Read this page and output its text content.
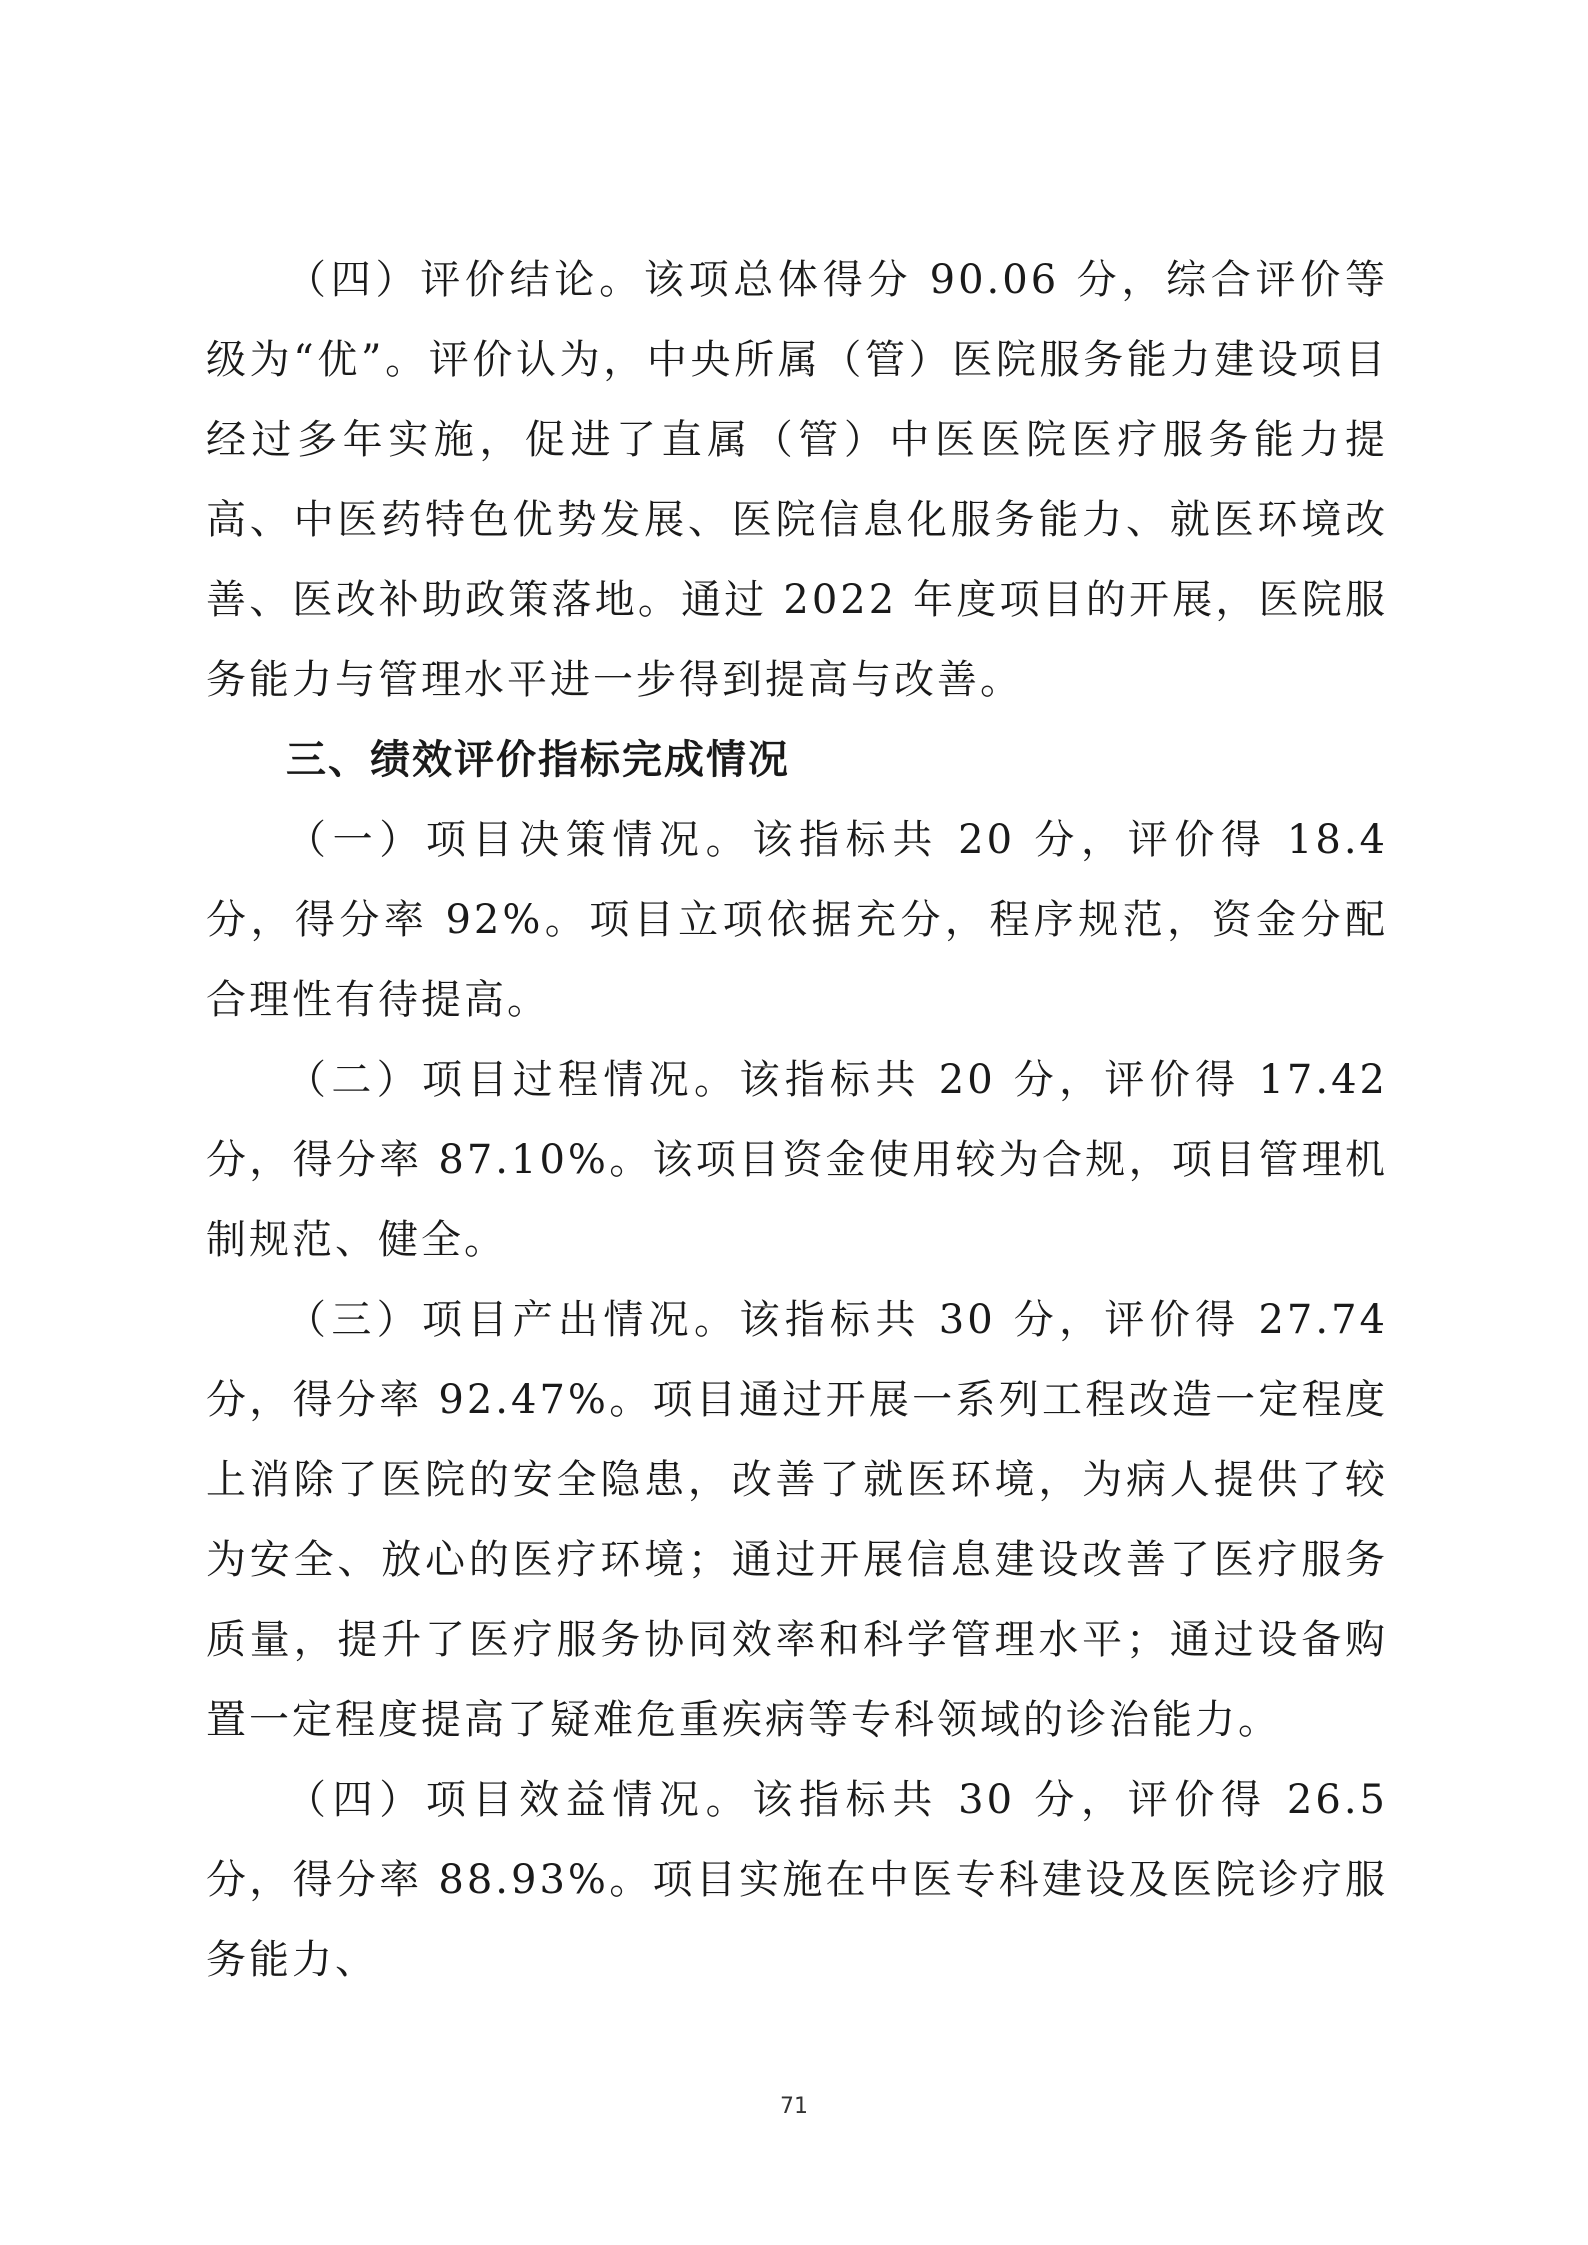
（四）评价结论。该项总体得分 90.06 分，综合评价等级为“优”。评价认为，中央所属（管）医院服务能力建设项目经过多年实施，促进了直属（管）中医医院医疗服务能力提高、中医药特色优势发展、医院信息化服务能力、就医环境改善、医改补助政策落地。通过 2022 年度项目的开展，医院服务能力与管理水平进一步得到提高与改善。

三、绩效评价指标完成情况

（一）项目决策情况。该指标共 20 分，评价得 18.4 分，得分率 92%。项目立项依据充分，程序规范，资金分配合理性有待提高。

（二）项目过程情况。该指标共 20 分，评价得 17.42 分，得分率 87.10%。该项目资金使用较为合规，项目管理机制规范、健全。

（三）项目产出情况。该指标共 30 分，评价得 27.74 分，得分率 92.47%。项目通过开展一系列工程改造一定程度上消除了医院的安全隐患，改善了就医环境，为病人提供了较为安全、放心的医疗环境；通过开展信息建设改善了医疗服务质量，提升了医疗服务协同效率和科学管理水平；通过设备购置一定程度提高了疑难危重疾病等专科领域的诊治能力。

（四）项目效益情况。该指标共 30 分，评价得 26.5 分，得分率 88.93%。项目实施在中医专科建设及医院诊疗服务能力、

71
